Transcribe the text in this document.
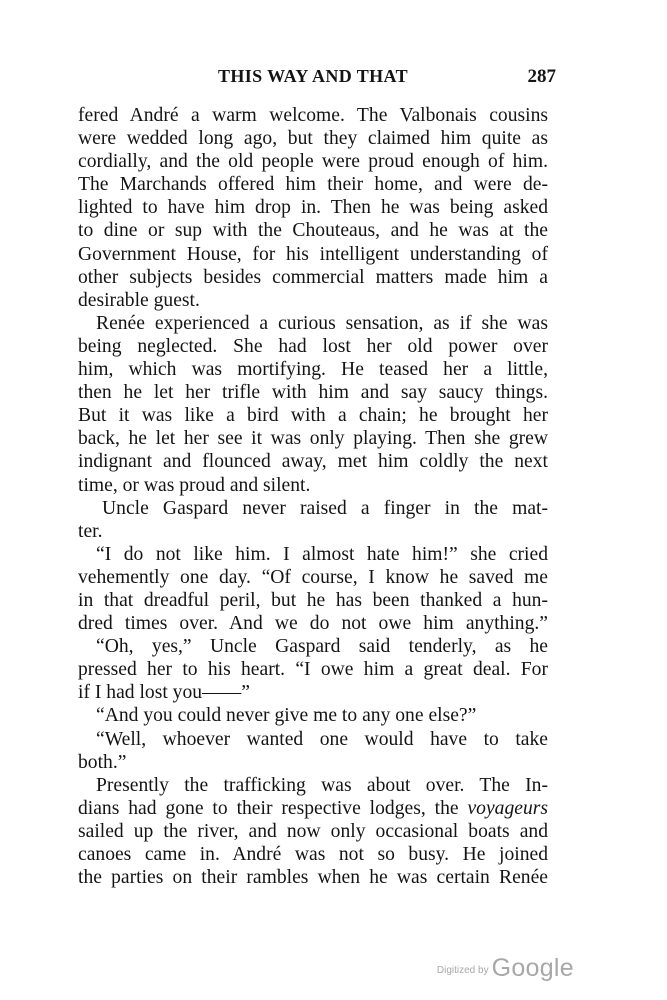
THIS WAY AND THAT	287
fered André a warm welcome. The Valbonais cousins
were wedded long ago, but they claimed him quite as
cordially, and the old people were proud enough of him.
The Marchands offered him their home, and were de-
lighted to have him drop in. Then he was being asked
to dine or sup with the Chouteaus, and he was at the
Government House, for his intelligent understanding of
other subjects besides commercial matters made him a
desirable guest.
Renée experienced a curious sensation, as if she was
being neglected. She had lost her old power over
him, which was mortifying. He teased her a little,
then he let her trifle with him and say saucy things.
But it was like a bird with a chain; he brought her
back, he let her see it was only playing. Then she grew
indignant and flounced away, met him coldly the next
time, or was proud and silent.
Uncle Gaspard never raised a finger in the mat-
ter.
“I do not like him. I almost hate him!” she cried
vehemently one day. “Of course, I know he saved me
in that dreadful peril, but he has been thanked a hun-
dred times over. And we do not owe him anything.”
“Oh, yes,” Uncle Gaspard said tenderly, as he
pressed her to his heart. “I owe him a great deal. For
if I had lost you——”
“And you could never give me to any one else?”
“Well, whoever wanted one would have to take
both.”
Presently the trafficking was about over. The In-
dians had gone to their respective lodges, the voyageurs
sailed up the river, and now only occasional boats and
canoes came in. André was not so busy. He joined
the parties on their rambles when he was certain Renée
Digitized by Google
